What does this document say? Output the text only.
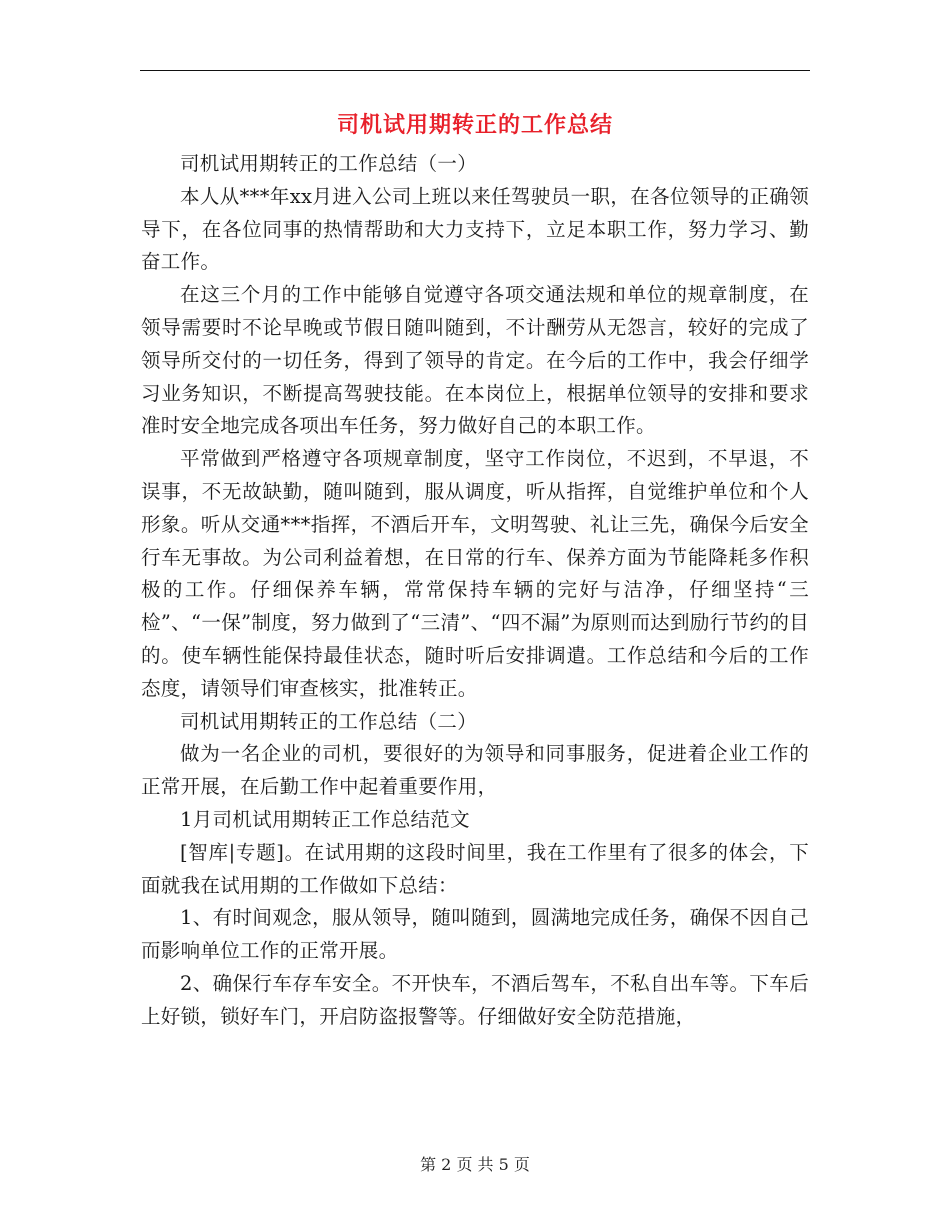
司机试用期转正的工作总结

司机试用期转正的工作总结（一）

本人从***年xx月进入公司上班以来任驾驶员一职，在各位领导的正确领导下，在各位同事的热情帮助和大力支持下，立足本职工作，努力学习、勤奋工作。

在这三个月的工作中能够自觉遵守各项交通法规和单位的规章制度，在领导需要时不论早晚或节假日随叫随到，不计酬劳从无怨言，较好的完成了领导所交付的一切任务，得到了领导的肯定。在今后的工作中，我会仔细学习业务知识，不断提高驾驶技能。在本岗位上，根据单位领导的安排和要求准时安全地完成各项出车任务，努力做好自己的本职工作。

平常做到严格遵守各项规章制度，坚守工作岗位，不迟到，不早退，不误事，不无故缺勤，随叫随到，服从调度，听从指挥，自觉维护单位和个人形象。听从交通***指挥，不酒后开车，文明驾驶、礼让三先，确保今后安全行车无事故。为公司利益着想，在日常的行车、保养方面为节能降耗多作积极的工作。仔细保养车辆，常常保持车辆的完好与洁净，仔细坚持“三检”、“一保”制度，努力做到了“三清”、“四不漏”为原则而达到励行节约的目的。使车辆性能保持最佳状态，随时听后安排调遣。工作总结和今后的工作态度，请领导们审查核实，批准转正。

司机试用期转正的工作总结（二）

做为一名企业的司机，要很好的为领导和同事服务，促进着企业工作的正常开展，在后勤工作中起着重要作用，

1月司机试用期转正工作总结范文

[智库|专题]。在试用期的这段时间里，我在工作里有了很多的体会，下面就我在试用期的工作做如下总结：

1、有时间观念，服从领导，随叫随到，圆满地完成任务，确保不因自己而影响单位工作的正常开展。

2、确保行车存车安全。不开快车，不酒后驾车，不私自出车等。下车后上好锁，锁好车门，开启防盗报警等。仔细做好安全防范措施，

第 2 页 共 5 页
